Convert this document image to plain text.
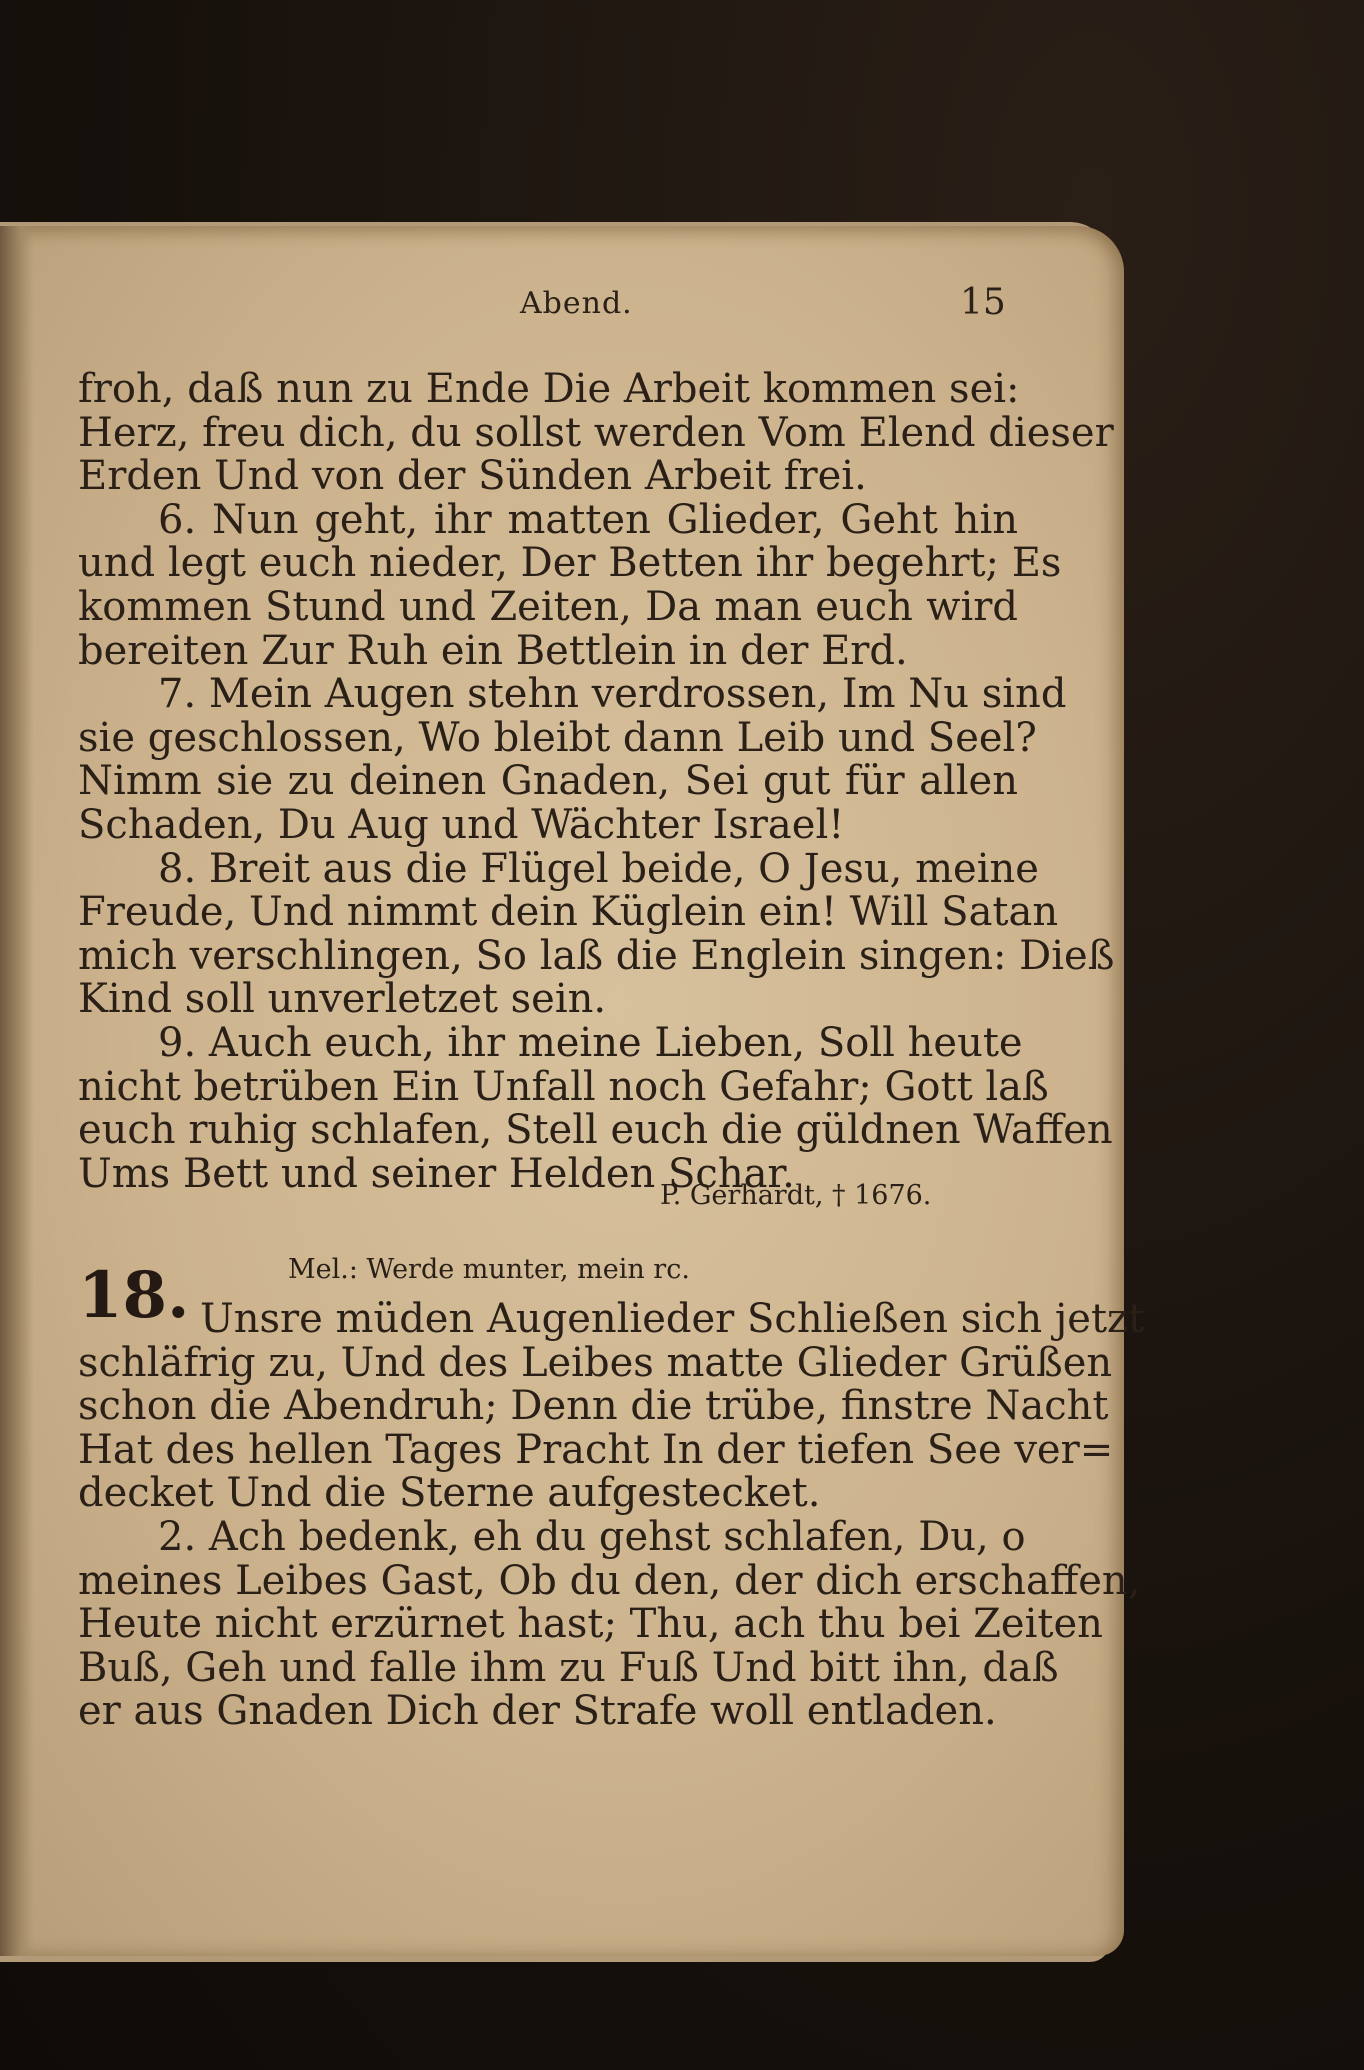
Abend.	15
froh, daß nun zu Ende Die Arbeit kommen sei:
Herz, freu dich, du sollst werden Vom Elend dieser
Erden Und von der Sünden Arbeit frei.
6. Nun geht, ihr matten Glieder, Geht hin
und legt euch nieder, Der Betten ihr begehrt; Es
kommen Stund und Zeiten, Da man euch wird
bereiten Zur Ruh ein Bettlein in der Erd.
7. Mein Augen stehn verdrossen, Im Nu sind
sie geschlossen, Wo bleibt dann Leib und Seel?
Nimm sie zu deinen Gnaden, Sei gut für allen
Schaden, Du Aug und Wächter Israel!
8. Breit aus die Flügel beide, O Jesu, meine
Freude, Und nimmt dein Küglein ein! Will Satan
mich verschlingen, So laß die Englein singen: Dieß
Kind soll unverletzet sein.
9. Auch euch, ihr meine Lieben, Soll heute
nicht betrüben Ein Unfall noch Gefahr; Gott laß
euch ruhig schlafen, Stell euch die güldnen Waffen
Ums Bett und seiner Helden Schar.
P. Gerhardt, † 1676.
18.	Mel.: Werde munter, mein rc.
Unsre müden Augenlieder Schließen sich jetzt
schläfrig zu, Und des Leibes matte Glieder Grüßen
schon die Abendruh; Denn die trübe, finstre Nacht
Hat des hellen Tages Pracht In der tiefen See ver=
decket Und die Sterne aufgestecket.
2. Ach bedenk, eh du gehst schlafen, Du, o
meines Leibes Gast, Ob du den, der dich erschaffen,
Heute nicht erzürnet hast; Thu, ach thu bei Zeiten
Buß, Geh und falle ihm zu Fuß Und bitt ihn, daß
er aus Gnaden Dich der Strafe woll entladen.
